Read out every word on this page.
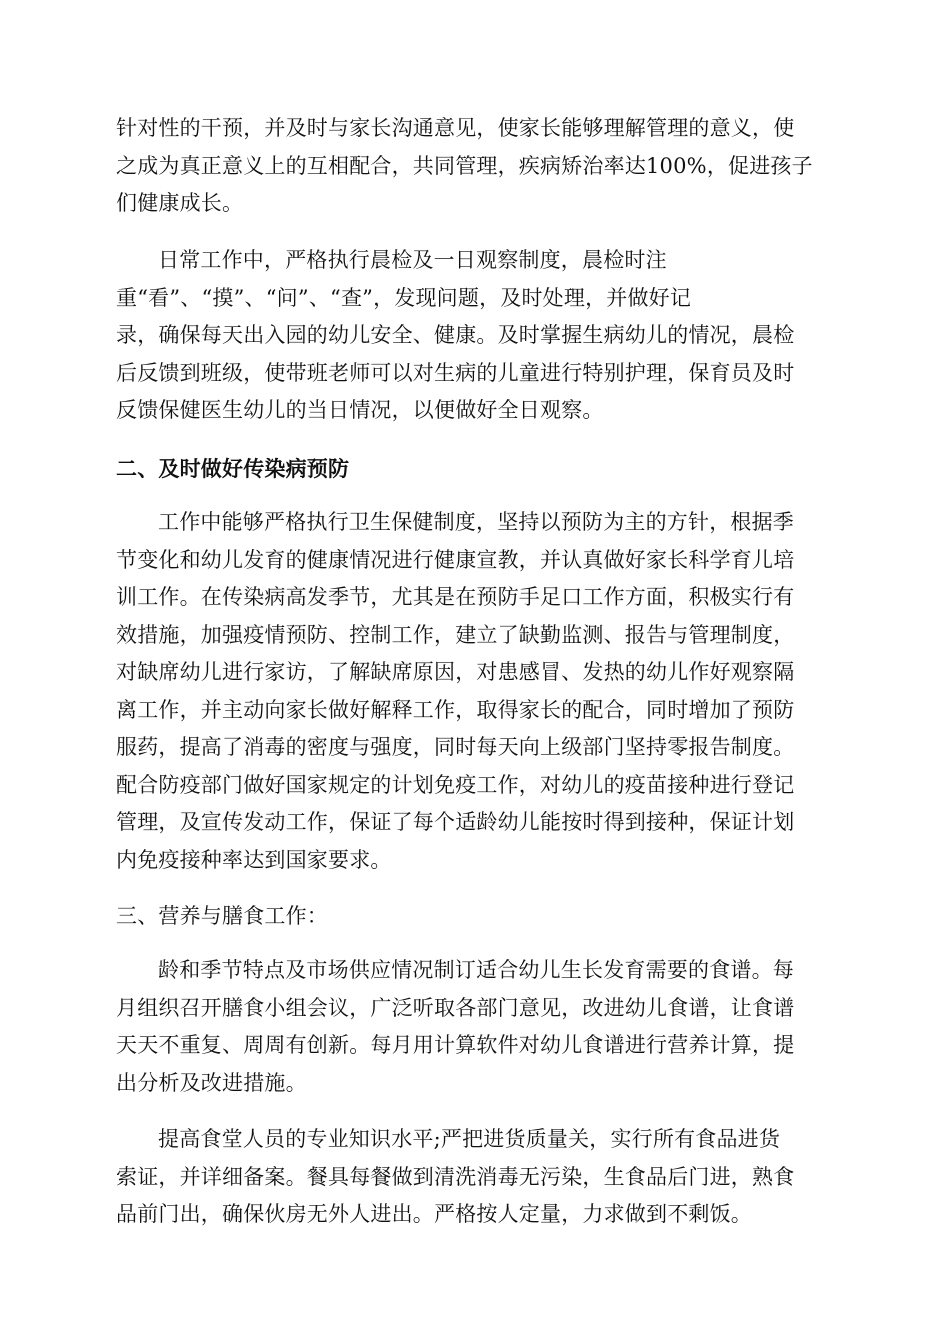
针对性的干预，并及时与家长沟通意见，使家长能够理解管理的意义，使
之成为真正意义上的互相配合，共同管理，疾病矫治率达100%，促进孩子
们健康成长。
日常工作中，严格执行晨检及一日观察制度，晨检时注
重“看”、“摸”、“问”、“查”，发现问题，及时处理，并做好记
录，确保每天出入园的幼儿安全、健康。及时掌握生病幼儿的情况，晨检
后反馈到班级，使带班老师可以对生病的儿童进行特别护理，保育员及时
反馈保健医生幼儿的当日情况，以便做好全日观察。
二、及时做好传染病预防
工作中能够严格执行卫生保健制度，坚持以预防为主的方针，根据季
节变化和幼儿发育的健康情况进行健康宣教，并认真做好家长科学育儿培
训工作。在传染病高发季节，尤其是在预防手足口工作方面，积极实行有
效措施，加强疫情预防、控制工作，建立了缺勤监测、报告与管理制度，
对缺席幼儿进行家访，了解缺席原因，对患感冒、发热的幼儿作好观察隔
离工作，并主动向家长做好解释工作，取得家长的配合，同时增加了预防
服药，提高了消毒的密度与强度，同时每天向上级部门坚持零报告制度。
配合防疫部门做好国家规定的计划免疫工作，对幼儿的疫苗接种进行登记
管理，及宣传发动工作，保证了每个适龄幼儿能按时得到接种，保证计划
内免疫接种率达到国家要求。
三、营养与膳食工作：
龄和季节特点及市场供应情况制订适合幼儿生长发育需要的食谱。每
月组织召开膳食小组会议，广泛听取各部门意见，改进幼儿食谱，让食谱
天天不重复、周周有创新。每月用计算软件对幼儿食谱进行营养计算，提
出分析及改进措施。
提高食堂人员的专业知识水平;严把进货质量关，实行所有食品进货
索证，并详细备案。餐具每餐做到清洗消毒无污染，生食品后门进，熟食
品前门出，确保伙房无外人进出。严格按人定量，力求做到不剩饭。
